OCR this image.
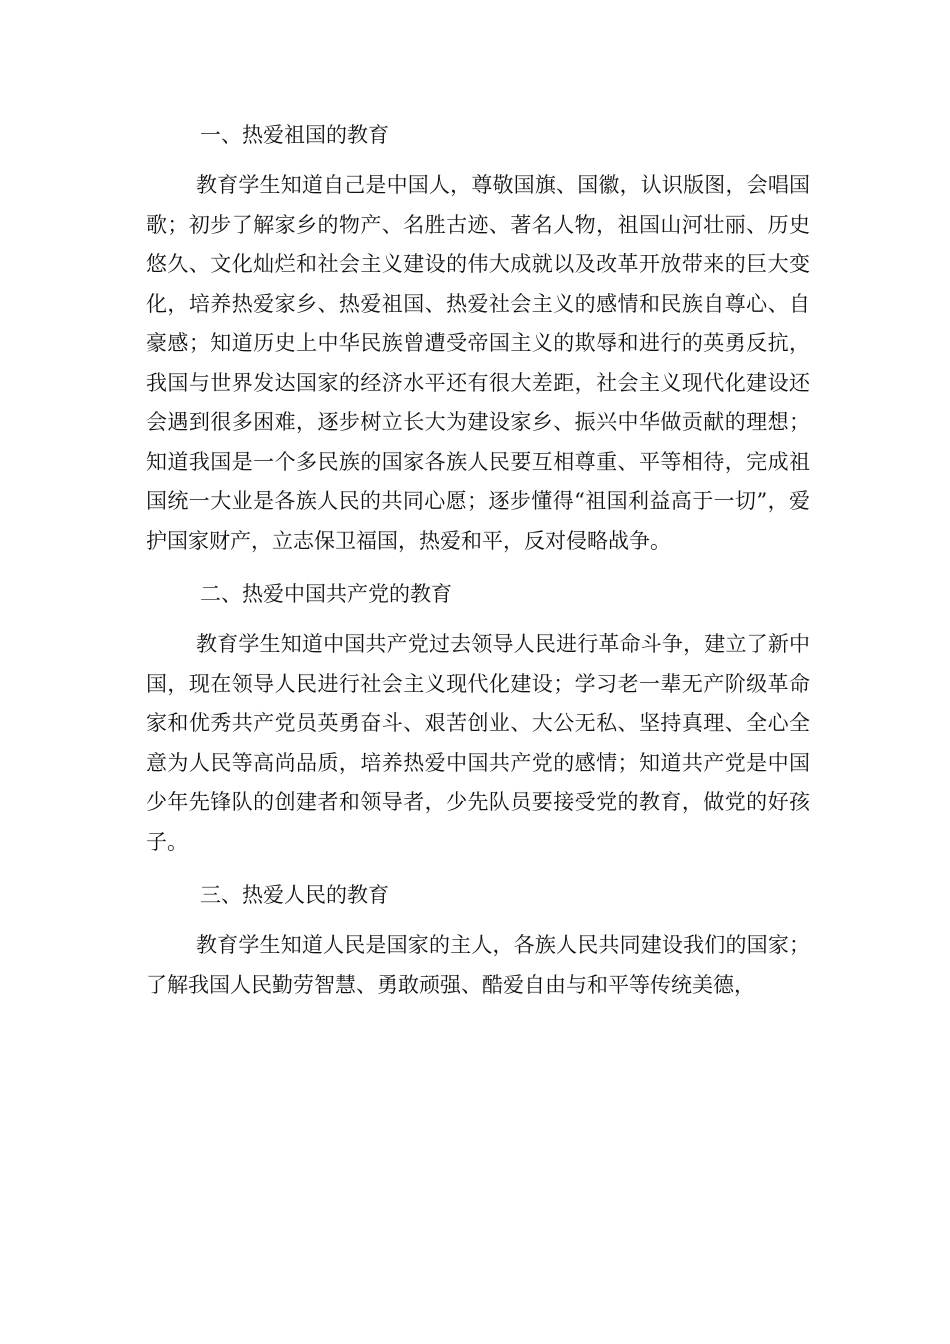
一、热爱祖国的教育

教育学生知道自己是中国人，尊敬国旗、国徽，认识版图，会唱国歌；初步了解家乡的物产、名胜古迹、著名人物，祖国山河壮丽、历史悠久、文化灿烂和社会主义建设的伟大成就以及改革开放带来的巨大变化，培养热爱家乡、热爱祖国、热爱社会主义的感情和民族自尊心、自豪感；知道历史上中华民族曾遭受帝国主义的欺辱和进行的英勇反抗，我国与世界发达国家的经济水平还有很大差距，社会主义现代化建设还会遇到很多困难，逐步树立长大为建设家乡、振兴中华做贡献的理想；知道我国是一个多民族的国家各族人民要互相尊重、平等相待，完成祖国统一大业是各族人民的共同心愿；逐步懂得“祖国利益高于一切”，爱护国家财产，立志保卫福国，热爱和平，反对侵略战争。

二、热爱中国共产党的教育

教育学生知道中国共产党过去领导人民进行革命斗争，建立了新中国，现在领导人民进行社会主义现代化建设；学习老一辈无产阶级革命家和优秀共产党员英勇奋斗、艰苦创业、大公无私、坚持真理、全心全意为人民等高尚品质，培养热爱中国共产党的感情；知道共产党是中国少年先锋队的创建者和领导者，少先队员要接受党的教育，做党的好孩子。

三、热爱人民的教育

教育学生知道人民是国家的主人，各族人民共同建设我们的国家；了解我国人民勤劳智慧、勇敢顽强、酷爱自由与和平等传统美德，
